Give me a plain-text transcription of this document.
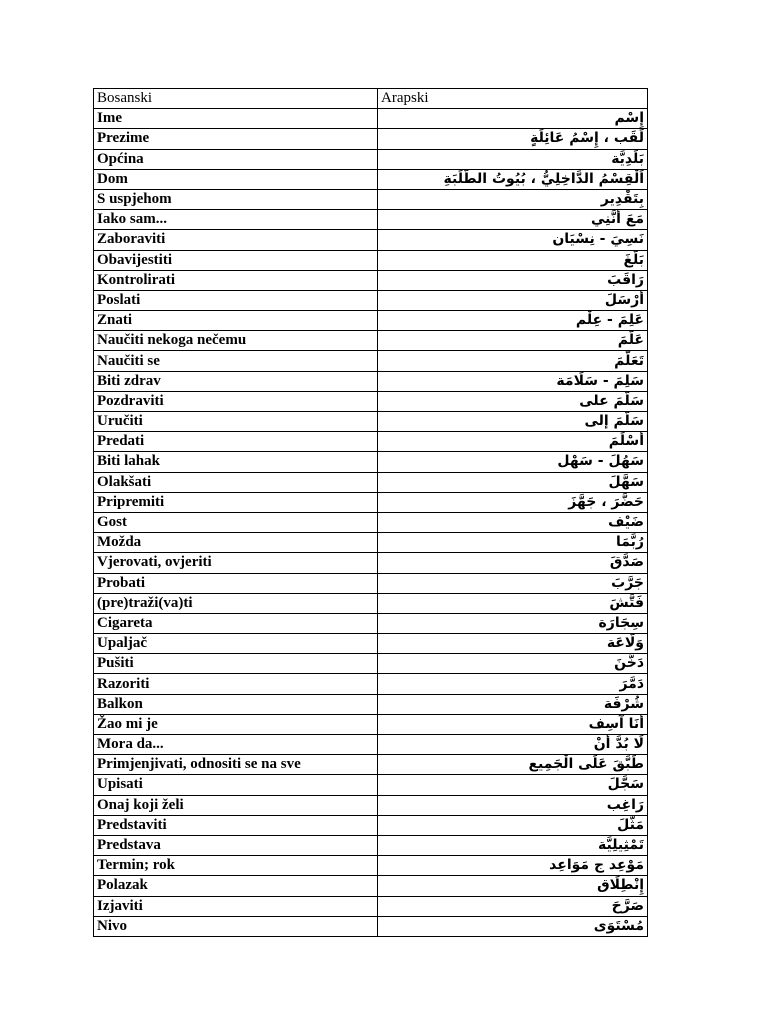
Bosanski	Arapski
Ime	إِسْم
Prezime	لَقَب ، إِسْمُ عَائِلَةٍ
Općina	بَلَدِيَّة
Dom	اَلْقِسْمُ الدَّاخِلِيُّ ، بُيُوتُ الطَّلَبَةِ
S uspjehom	بِتَقْدِير
Iako sam...	مَعَ أَنَّنِي
Zaboraviti	نَسِيَ - نِسْيَان
Obavijestiti	بَلَّغَ
Kontrolirati	رَاقَبَ
Poslati	أَرْسَلَ
Znati	عَلِمَ - عِلْم
Naučiti nekoga nečemu	عَلَّمَ
Naučiti se	تَعَلَّمَ
Biti zdrav	سَلِمَ - سَلَامَة
Pozdraviti	سَلَّمَ على
Uručiti	سَلَّمَ إلى
Predati	أَسْلَمَ
Biti lahak	سَهُلَ - سَهْل
Olakšati	سَهَّلَ
Pripremiti	حَضَّرَ ، جَهَّزَ
Gost	ضَيْف
Možda	رُبَّمَا
Vjerovati, ovjeriti	صَدَّقَ
Probati	جَرَّبَ
(pre)traži(va)ti	فَتَّشَ
Cigareta	سِجَارَة
Upaljač	وَلَّاعَة
Pušiti	دَخَّنَ
Razoriti	دَمَّرَ
Balkon	شُرْفَة
Žao mi je	أَنَا آسِف
Mora da...	لَا بُدَّ أَنْ
Primjenjivati, odnositi se na sve	طَبَّقَ عَلَى الْجَمِيع
Upisati	سَجَّلَ
Onaj koji želi	رَاغِب
Predstaviti	مَثَّلَ
Predstava	تَمْثِيلِيَّة
Termin; rok	مَوْعِد ج مَوَاعِد
Polazak	إِنْطِلَاق
Izjaviti	صَرَّحَ
Nivo	مُسْتَوَى
